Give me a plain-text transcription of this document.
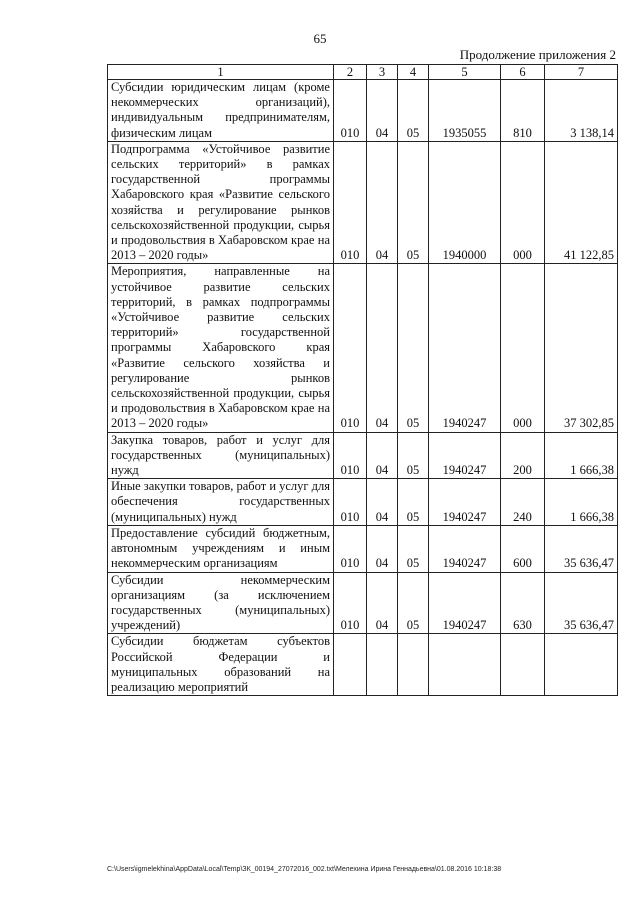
65
Продолжение приложения 2
1	2	3	4	5	6	7
Субсидии юридическим лицам (кроме некоммерческих организаций), индивидуальным предпринимателям, физическим лицам	010	04	05	1935055	810	3 138,14
Подпрограмма «Устойчивое развитие сельских территорий» в рамках государственной программы Хабаровского края «Развитие сельского хозяйства и регулирование рынков сельскохозяйственной продукции, сырья и продовольствия в Хабаровском крае на 2013 – 2020 годы»	010	04	05	1940000	000	41 122,85
Мероприятия, направленные на устойчивое развитие сельских территорий, в рамках подпрограммы «Устойчивое развитие сельских территорий» государственной программы Хабаровского края «Развитие сельского хозяйства и регулирование рынков сельскохозяйственной продукции, сырья и продовольствия в Хабаровском крае на 2013 – 2020 годы»	010	04	05	1940247	000	37 302,85
Закупка товаров, работ и услуг для государственных (муниципальных) нужд	010	04	05	1940247	200	1 666,38
Иные закупки товаров, работ и услуг для обеспечения государственных (муниципальных) нужд	010	04	05	1940247	240	1 666,38
Предоставление субсидий бюджетным, автономным учреждениям и иным некоммерческим организациям	010	04	05	1940247	600	35 636,47
Субсидии некоммерческим организациям (за исключением государственных (муниципальных) учреждений)	010	04	05	1940247	630	35 636,47
Субсидии бюджетам субъектов Российской Федерации и муниципальных образований на реализацию мероприятий						
C:\Users\igmelekhina\AppData\Local\Temp\ЗК_00194_27072016_002.txt\Мелехина Ирина Геннадьевна\01.08.2016 10:18:38
